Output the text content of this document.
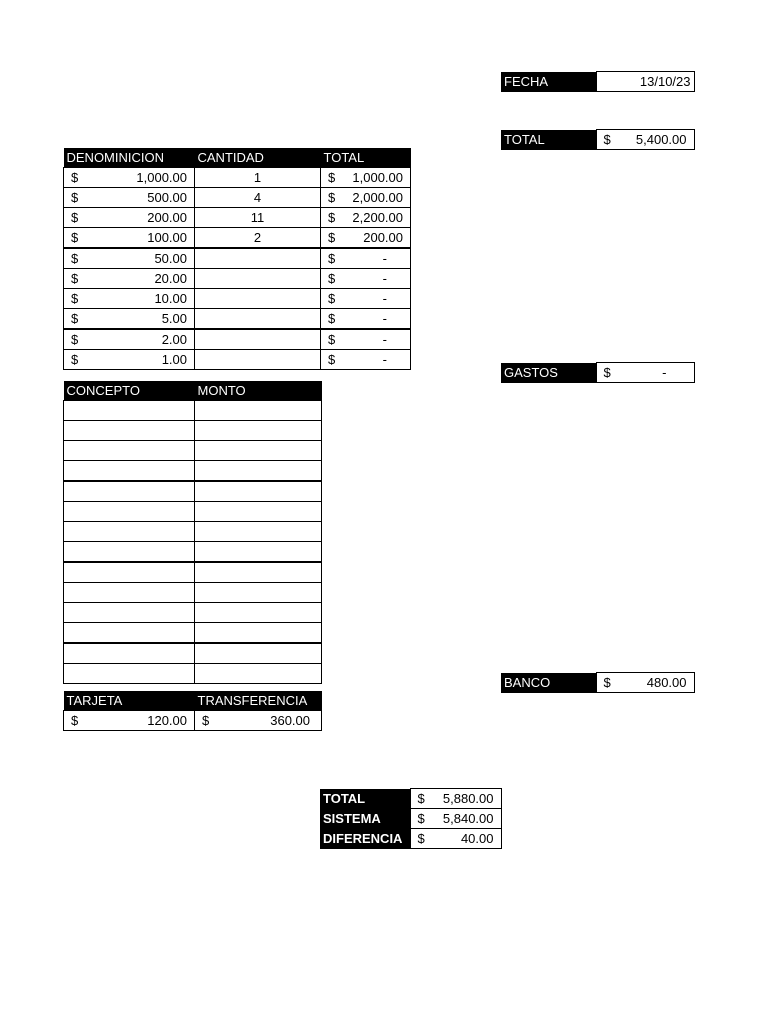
FECHA	13/10/23
TOTAL	$ 5,400.00
DENOMINICION	CANTIDAD	TOTAL

$ 1,000.00	1	$ 1,000.00

$ 500.00	4	$ 2,000.00

$ 200.00	11	$ 2,200.00

$ 100.00	2	$ 200.00

$ 50.00		$ -

$ 20.00		$ -

$ 10.00		$ -

$ 5.00		$ -

$ 2.00		$ -

$ 1.00		$ -
GASTOS	$	-
CONCEPTO	MONTO

BANCO	$	480.00
TARJETA	TRANSFERENCIA

$ 120.00	$ 360.00
TOTAL	$ 5,880.00

SISTEMA	$ 5,840.00

DIFERENCIA	$ 40.00
